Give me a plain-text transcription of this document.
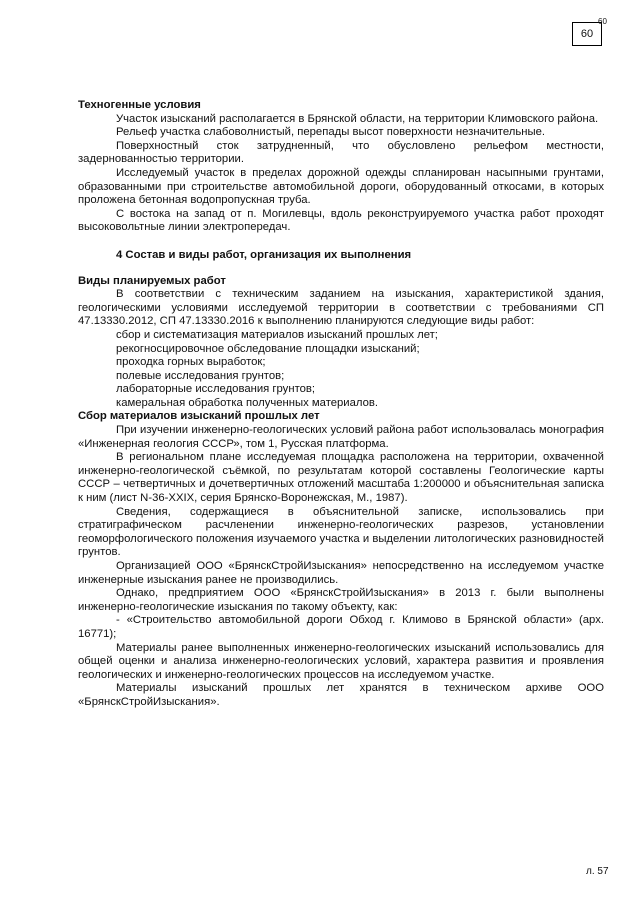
60
60
Техногенные условия

Участок изысканий располагается в Брянской области, на территории Климовского района.

Рельеф участка слабоволнистый, перепады высот поверхности незначительные.

Поверхностный сток затрудненный, что обусловлено рельефом местности, задернованностью территории.

Исследуемый участок в пределах дорожной одежды спланирован насыпными грунтами, образованными при строительстве автомобильной дороги, оборудованный откосами, в которых проложена бетонная водопропускная труба.

С востока на запад от п. Могилевцы, вдоль реконструируемого участка работ проходят высоковольтные линии электропередач.

4 Состав и виды работ, организация их выполнения
Виды планируемых работ

В соответствии с техническим заданием на изыскания, характеристикой здания, геологическими условиями исследуемой территории в соответствии с требованиями СП 47.13330.2012, СП 47.13330.2016 к выполнению планируются следующие виды работ:

сбор и систематизация материалов изысканий прошлых лет;
рекогносцировочное обследование площадки изысканий;
проходка горных выработок;
полевые исследования грунтов;
лабораторные исследования грунтов;
камеральная обработка полученных материалов.
Сбор материалов изысканий прошлых лет

При изучении инженерно-геологических условий района работ использовалась монография «Инженерная геология СССР», том 1, Русская платформа.

В региональном плане исследуемая площадка расположена на территории, охваченной инженерно-геологической съёмкой, по результатам которой составлены Геологические карты СССР – четвертичных и дочетвертичных отложений масштаба 1:200000 и объяснительная записка к ним (лист N-36-XXIX, серия Брянско-Воронежская, М., 1987).

Сведения, содержащиеся в объяснительной записке, использовались при стратиграфическом расчленении инженерно-геологических разрезов, установлении геоморфологического положения изучаемого участка и выделении литологических разновидностей грунтов.

Организацией ООО «БрянскСтройИзыскания» непосредственно на исследуемом участке инженерные изыскания ранее не производились.

Однако, предприятием ООО «БрянскСтройИзыскания» в 2013 г. были выполнены инженерно-геологические изыскания по такому объекту, как:

- «Строительство автомобильной дороги Обход г. Климово в Брянской области» (арх. 16771);

Материалы ранее выполненных инженерно-геологических изысканий использовались для общей оценки и анализа инженерно-геологических условий, характера развития и проявления геологических и инженерно-геологических процессов на исследуемом участке.

Материалы изысканий прошлых лет хранятся в техническом архиве ООО «БрянскСтройИзыскания».

л. 57
